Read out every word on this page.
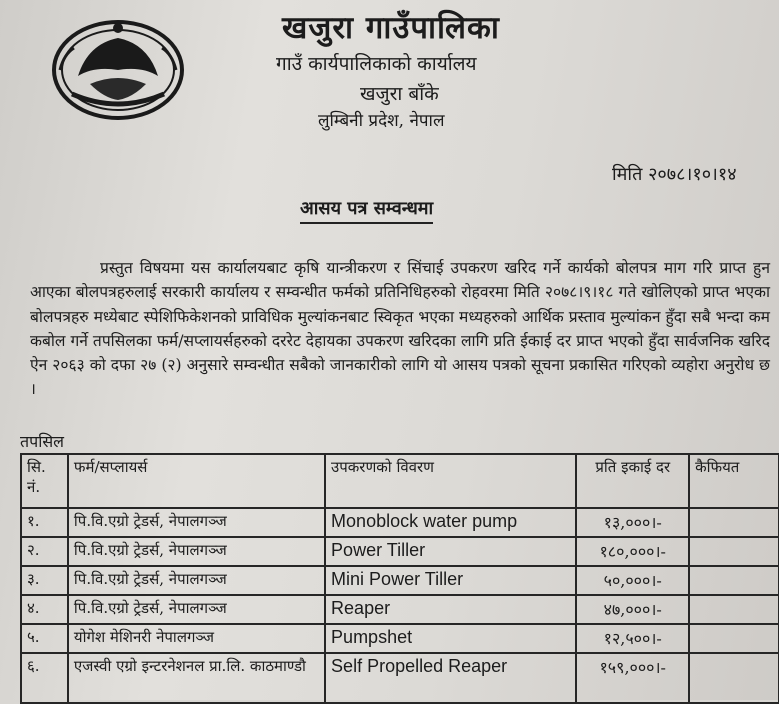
खजुरा गाउँपालिका
गाउँ कार्यपालिकाको कार्यालय
खजुरा बाँके
लुम्बिनी प्रदेश, नेपाल
मिति २०७८।१०।१४
आसय पत्र सम्वन्धमा
प्रस्तुत विषयमा यस कार्यालयबाट कृषि यान्त्रीकरण र सिंचाई उपकरण खरिद गर्ने कार्यको बोलपत्र माग गरि प्राप्त हुन आएका बोलपत्रहरुलाई सरकारी कार्यालय र सम्वन्धीत फर्मको प्रतिनिधिहरुको रोहवरमा मिति २०७८।९।१८ गते खोलिएको प्राप्त भएका बोलपत्रहरु मध्येबाट स्पेशिफिकेशनको प्राविधिक मुल्यांकनबाट स्विकृत भएका मध्यहरुको आर्थिक प्रस्ताव मुल्यांकन हुँदा सबै भन्दा कम कबोल गर्ने तपसिलका फर्म/सप्लायर्सहरुको दररेट देहायका उपकरण खरिदका लागि प्रति ईकाई दर प्राप्त भएको हुँदा सार्वजनिक खरिद ऐन २०६३ को दफा २७ (२) अनुसारे सम्वन्धीत सबैको जानकारीको लागि यो आसय पत्रको सूचना प्रकासित गरिएको व्यहोरा अनुरोध छ ।
तपसिल
सि. नं.	फर्म/सप्लायर्स	उपकरणको विवरण	प्रति इकाई दर	कैफियत
१.	पि.वि.एग्रो ट्रेडर्स, नेपालगञ्ज	Monoblock water pump	१३,०००।-	
२.	पि.वि.एग्रो ट्रेडर्स, नेपालगञ्ज	Power Tiller	१८०,०००।-	
३.	पि.वि.एग्रो ट्रेडर्स, नेपालगञ्ज	Mini Power Tiller	५०,०००।-	
४.	पि.वि.एग्रो ट्रेडर्स, नेपालगञ्ज	Reaper	४७,०००।-	
५.	योगेश मेशिनरी नेपालगञ्ज	Pumpshet	१२,५००।-	
६.	एजस्वी एग्रो इन्टरनेशनल प्रा.लि. काठमाण्डौ	Self Propelled Reaper	१५९,०००।-	
